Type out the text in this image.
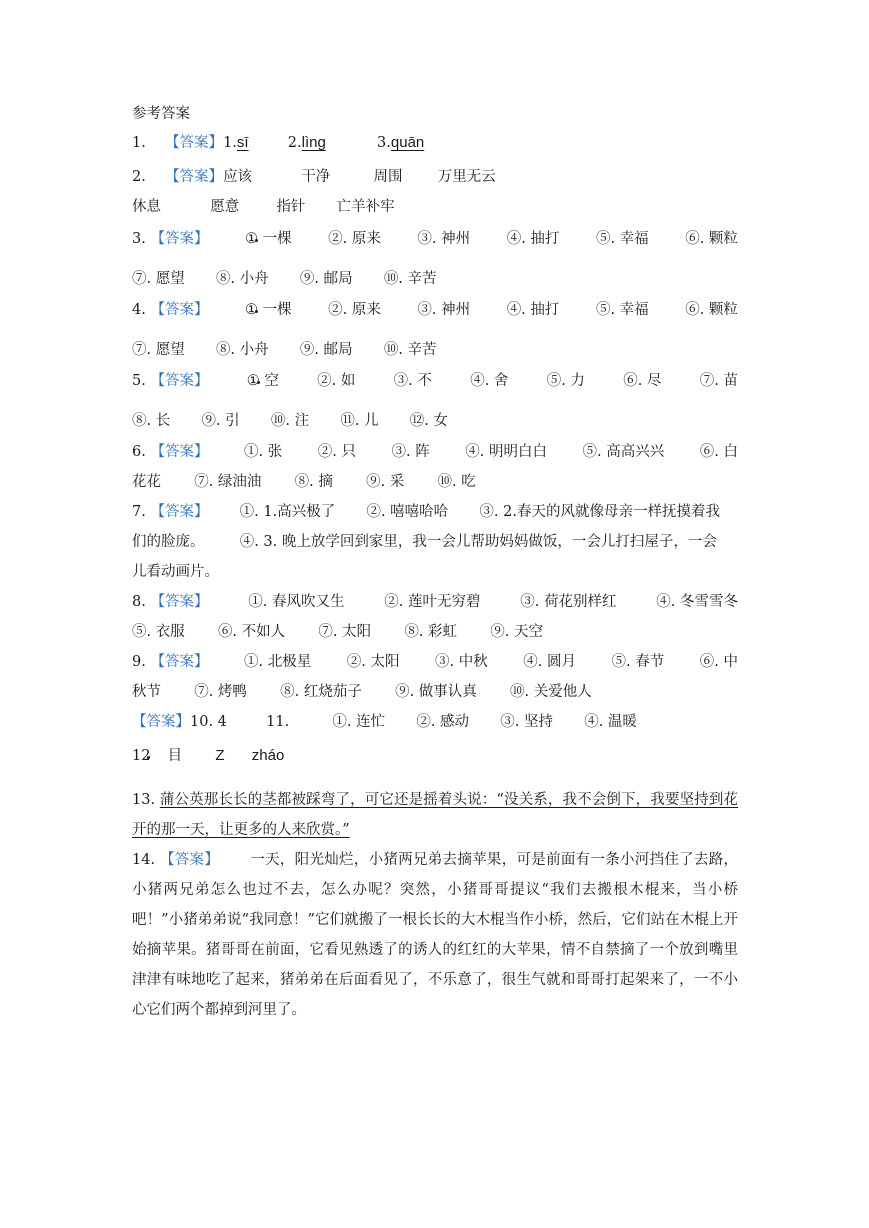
参考答案
1. 【答案】1.sī	2.lìng	3.quān
2. 【答案】应该	干净	周围 万里无云
休息	愿意	指针 亡羊补牢
3. 【答案】	① 一棵	②. 原来	③. 神州	④. 抽打	⑤. 幸福	⑥. 颗粒
⑦. 愿望 ⑧. 小舟 ⑨. 邮局 ⑩. 辛苦
4. 【答案】	① 一棵	②. 原来	③. 神州	④. 抽打	⑤. 幸福	⑥. 颗粒
⑦. 愿望 ⑧. 小舟 ⑨. 邮局 ⑩. 辛苦
5. 【答案】	① 空	②. 如	③. 不	④. 舍	⑤. 力	⑥. 尽	⑦. 苗
⑧. 长 ⑨. 引 ⑩. 注 ⑪. 儿 ⑫. 女
6. 【答案】 ①. 张 ②. 只 ③. 阵 ④. 明明白白 ⑤. 高高兴兴 ⑥. 白
花花 ⑦. 绿油油 ⑧. 摘 ⑨. 采 ⑩. 吃
7. 【答案】 ①. 1.高兴极了 ②. 嘻嘻哈哈 ③. 2.春天的风就像母亲一样抚摸着我
们的脸庞。 ④. 3. 晚上放学回到家里，我一会儿帮助妈妈做饭，一会儿打扫屋子，一会
儿看动画片。
8. 【答案】	①. 春风吹又生	②. 莲叶无穷碧	③. 荷花别样红	④. 冬雪雪冬
⑤. 衣服 ⑥. 不如人 ⑦. 太阳 ⑧. 彩虹 ⑨. 天空
9. 【答案】 ①. 北极星 ②. 太阳 ③. 中秋 ④. 圆月 ⑤. 春节 ⑥. 中
秋节 ⑦. 烤鸭 ⑧. 红烧茄子 ⑨. 做事认真 ⑩. 关爱他人
【答案】10. 4	11.	①. 连忙 ②. 感动 ③. 坚持 ④. 温暖
12 目 Z zháo
13. 蒲公英那长长的茎都被踩弯了，可它还是摇着头说：“没关系，我不会倒下，我要坚持到花开的那一天，让更多的人来欣赏。”
14. 【答案】 一天，阳光灿烂，小猪两兄弟去摘苹果，可是前面有一条小河挡住了去路，小猪两兄弟怎么也过不去，怎么办呢？突然，小猪哥哥提议“我们去搬根木棍来，当小桥吧！”小猪弟弟说“我同意！”它们就搬了一根长长的大木棍当作小桥，然后，它们站在木棍上开始摘苹果。猪哥哥在前面，它看见熟透了的诱人的红红的大苹果，情不自禁摘了一个放到嘴里津津有味地吃了起来，猪弟弟在后面看见了，不乐意了，很生气就和哥哥打起架来了，一不小心它们两个都掉到河里了。
